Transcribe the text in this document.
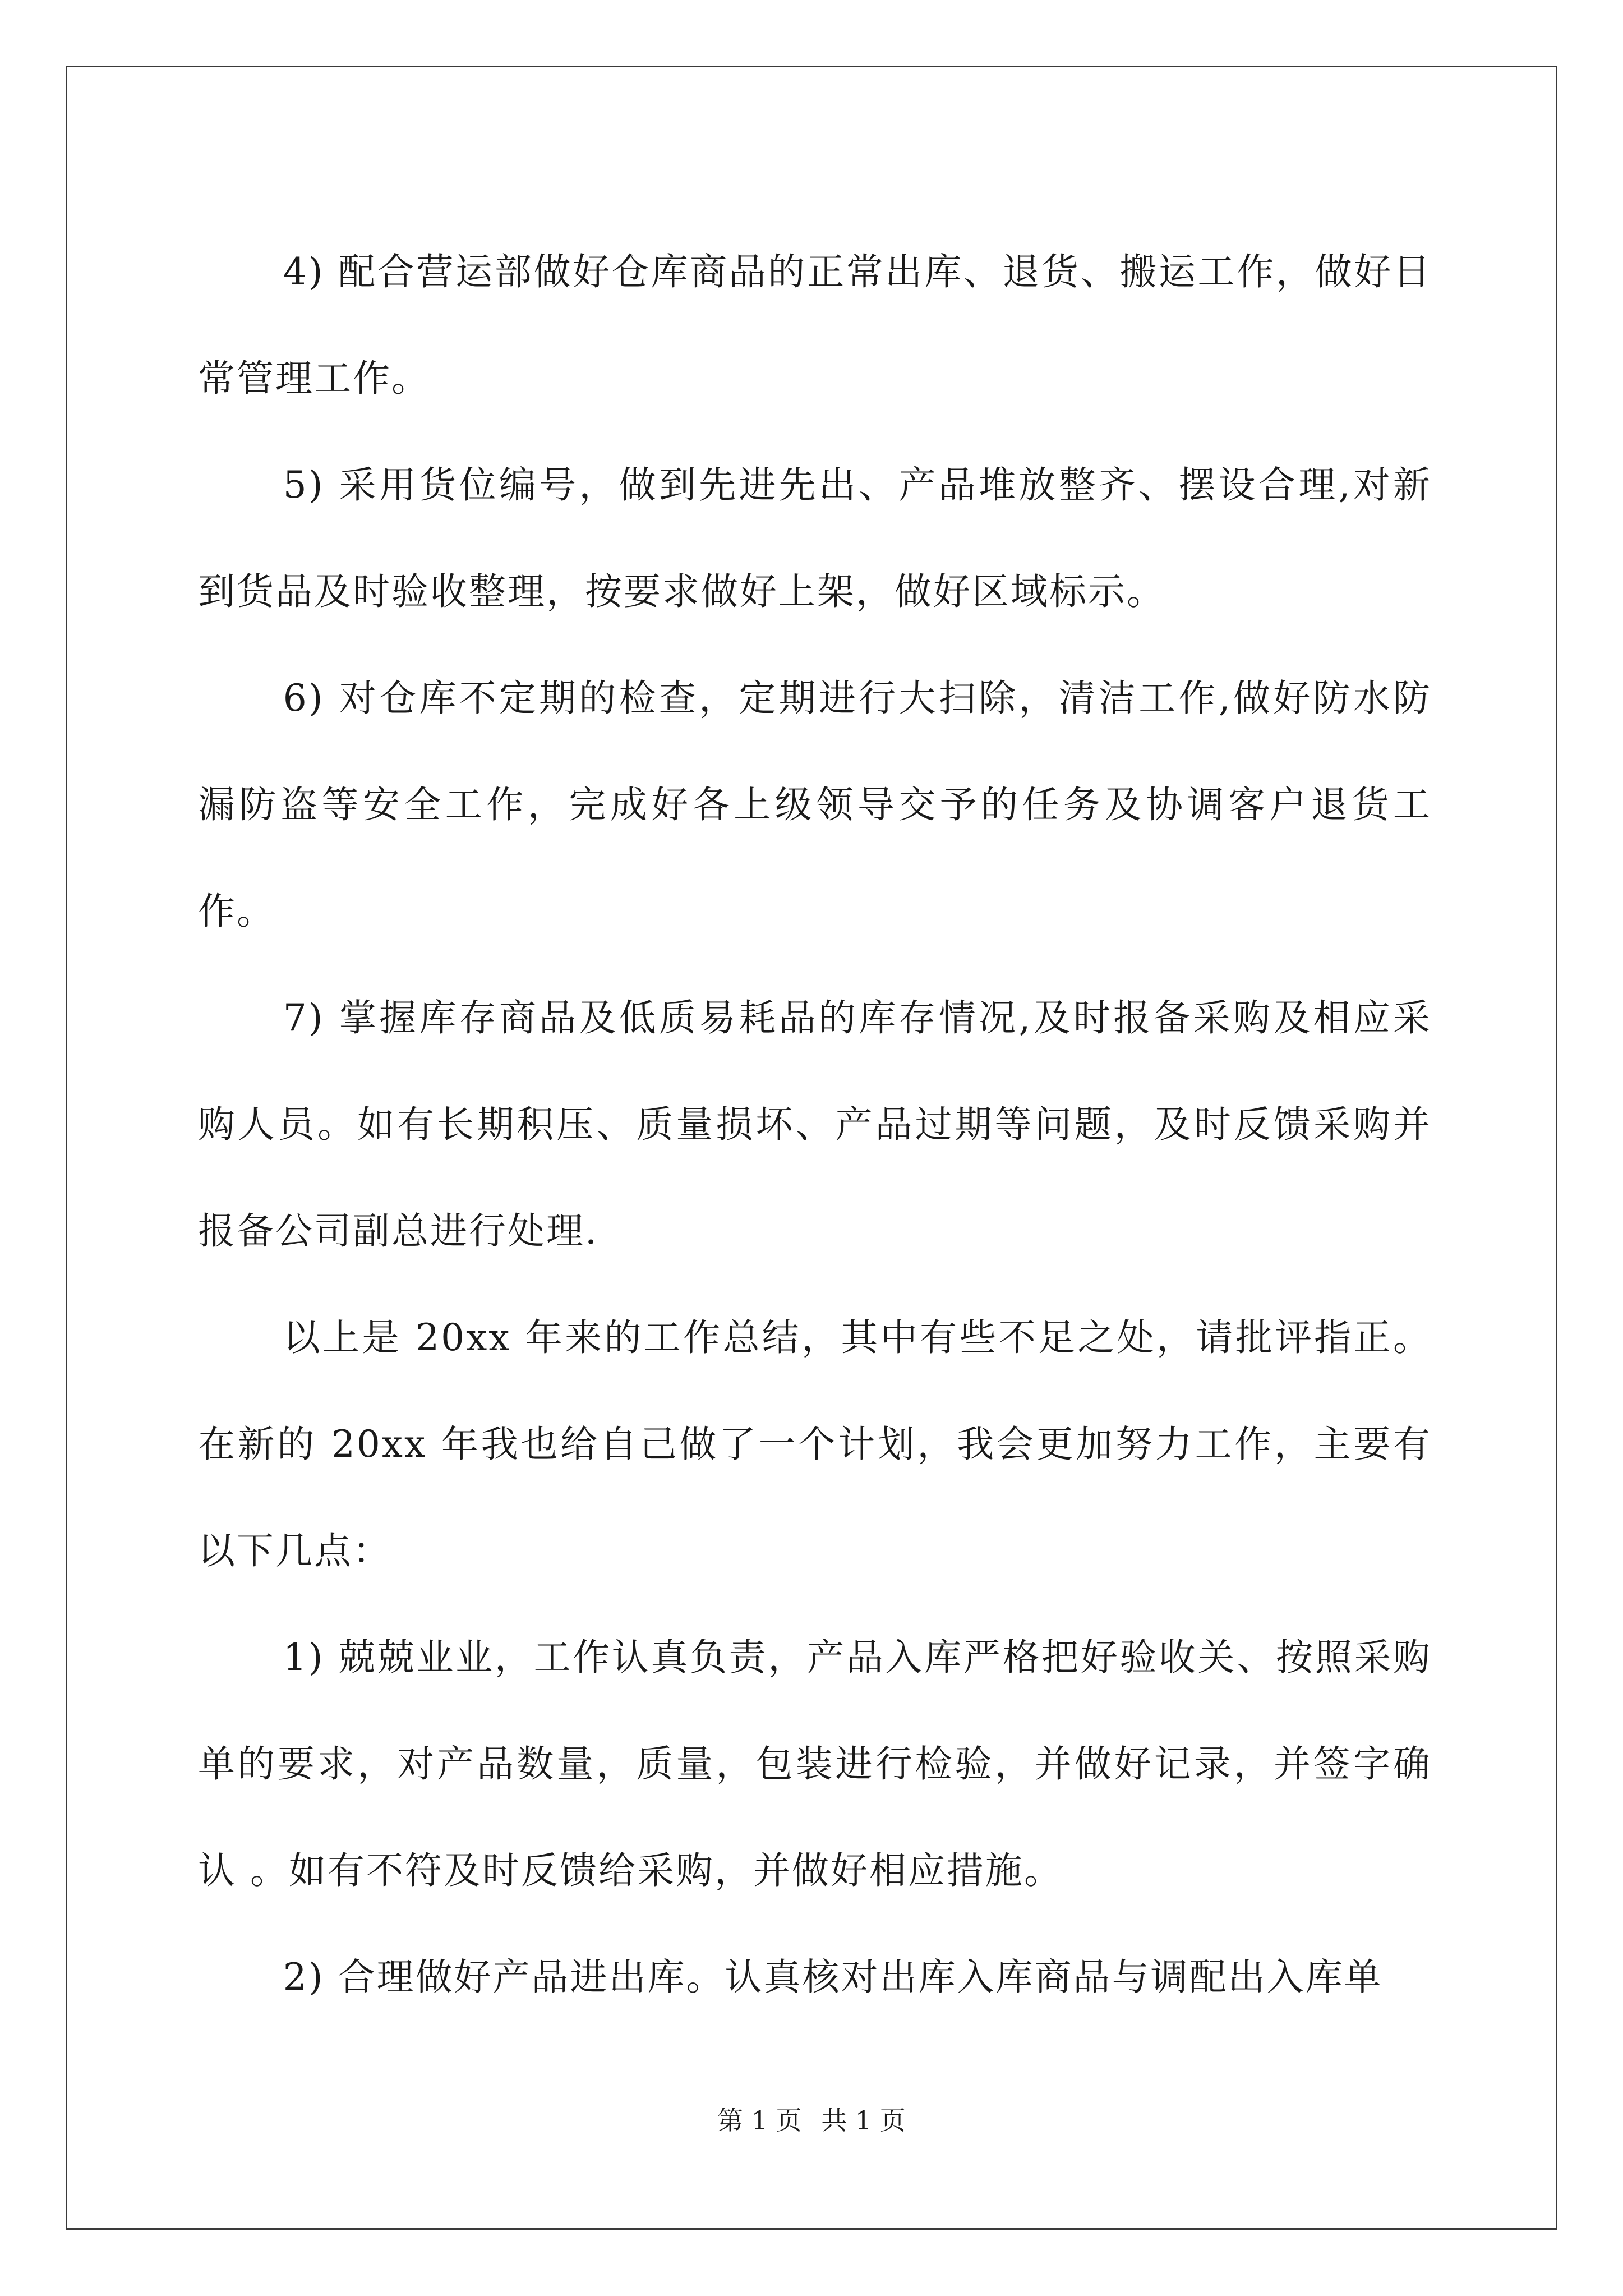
4) 配合营运部做好仓库商品的正常出库、退货、搬运工作，做好日常管理工作。

5) 采用货位编号，做到先进先出、产品堆放整齐、摆设合理,对新到货品及时验收整理，按要求做好上架，做好区域标示。

6) 对仓库不定期的检查，定期进行大扫除，清洁工作,做好防水防漏防盗等安全工作，完成好各上级领导交予的任务及协调客户退货工作。

7) 掌握库存商品及低质易耗品的库存情况,及时报备采购及相应采购人员。如有长期积压、质量损坏、产品过期等问题，及时反馈采购并报备公司副总进行处理.

以上是 20xx 年来的工作总结，其中有些不足之处，请批评指正。在新的 20xx 年我也给自己做了一个计划，我会更加努力工作，主要有以下几点：

1) 兢兢业业，工作认真负责，产品入库严格把好验收关、按照采购单的要求，对产品数量，质量，包装进行检验，并做好记录，并签字确认 。如有不符及时反馈给采购，并做好相应措施。

2) 合理做好产品进出库。认真核对出库入库商品与调配出入库单

第 1 页 共 1 页
